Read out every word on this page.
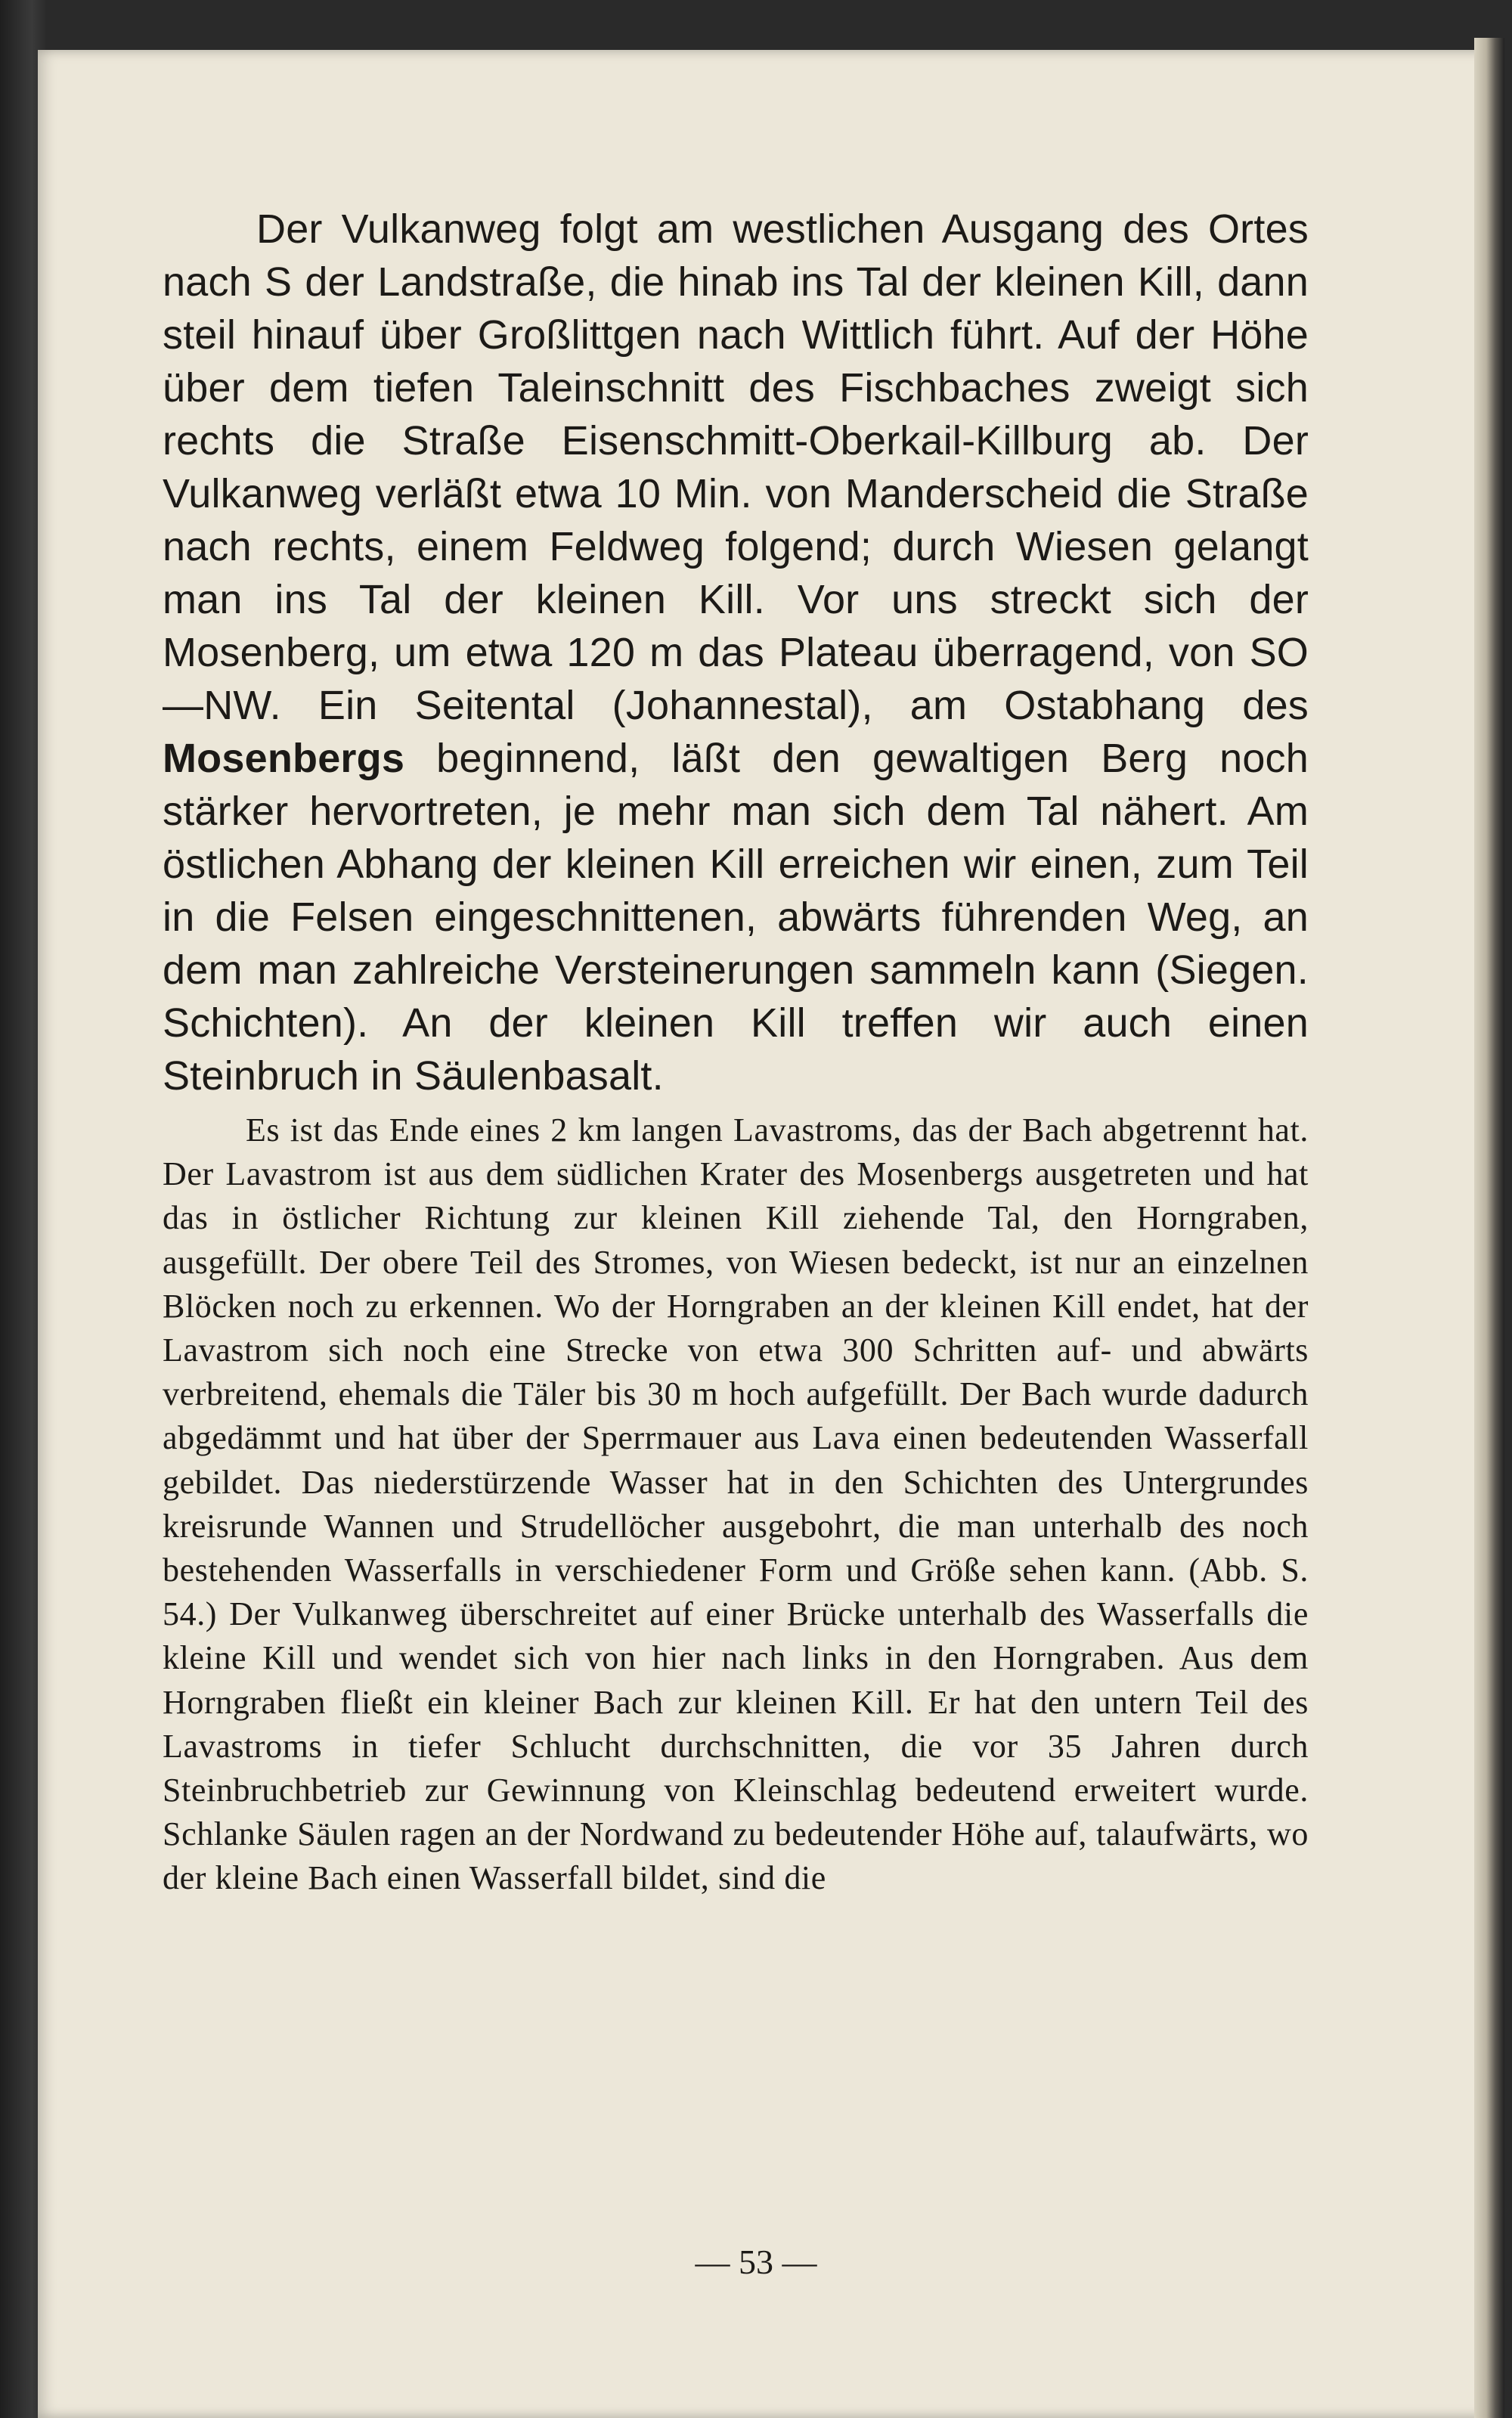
Der Vulkanweg folgt am westlichen Ausgang des Ortes nach S der Landstraße, die hinab ins Tal der kleinen Kill, dann steil hinauf über Großlittgen nach Wittlich führt. Auf der Höhe über dem tiefen Taleinschnitt des Fischbaches zweigt sich rechts die Straße Eisenschmitt-Oberkail-Killburg ab. Der Vulkanweg verläßt etwa 10 Min. von Manderscheid die Straße nach rechts, einem Feldweg folgend; durch Wiesen gelangt man ins Tal der kleinen Kill. Vor uns streckt sich der Mosenberg, um etwa 120 m das Plateau überragend, von SO—NW. Ein Seitental (Johannestal), am Ostabhang des Mosenbergs beginnend, läßt den gewaltigen Berg noch stärker hervortreten, je mehr man sich dem Tal nähert. Am östlichen Abhang der kleinen Kill erreichen wir einen, zum Teil in die Felsen eingeschnittenen, abwärts führenden Weg, an dem man zahlreiche Versteinerungen sammeln kann (Siegen. Schichten). An der kleinen Kill treffen wir auch einen Steinbruch in Säulenbasalt.

Es ist das Ende eines 2 km langen Lavastroms, das der Bach abgetrennt hat. Der Lavastrom ist aus dem südlichen Krater des Mosenbergs ausgetreten und hat das in östlicher Richtung zur kleinen Kill ziehende Tal, den Horngraben, ausgefüllt. Der obere Teil des Stromes, von Wiesen bedeckt, ist nur an einzelnen Blöcken noch zu erkennen. Wo der Horngraben an der kleinen Kill endet, hat der Lavastrom sich noch eine Strecke von etwa 300 Schritten auf- und abwärts verbreitend, ehemals die Täler bis 30 m hoch aufgefüllt. Der Bach wurde dadurch abgedämmt und hat über der Sperrmauer aus Lava einen bedeutenden Wasserfall gebildet. Das niederstürzende Wasser hat in den Schichten des Untergrundes kreisrunde Wannen und Strudellöcher ausgebohrt, die man unterhalb des noch bestehenden Wasserfalls in verschiedener Form und Größe sehen kann. (Abb. S. 54.) Der Vulkanweg überschreitet auf einer Brücke unterhalb des Wasserfalls die kleine Kill und wendet sich von hier nach links in den Horngraben. Aus dem Horngraben fließt ein kleiner Bach zur kleinen Kill. Er hat den untern Teil des Lavastroms in tiefer Schlucht durchschnitten, die vor 35 Jahren durch Steinbruchbetrieb zur Gewinnung von Kleinschlag bedeutend erweitert wurde. Schlanke Säulen ragen an der Nordwand zu bedeutender Höhe auf, talaufwärts, wo der kleine Bach einen Wasserfall bildet, sind die

— 53 —
